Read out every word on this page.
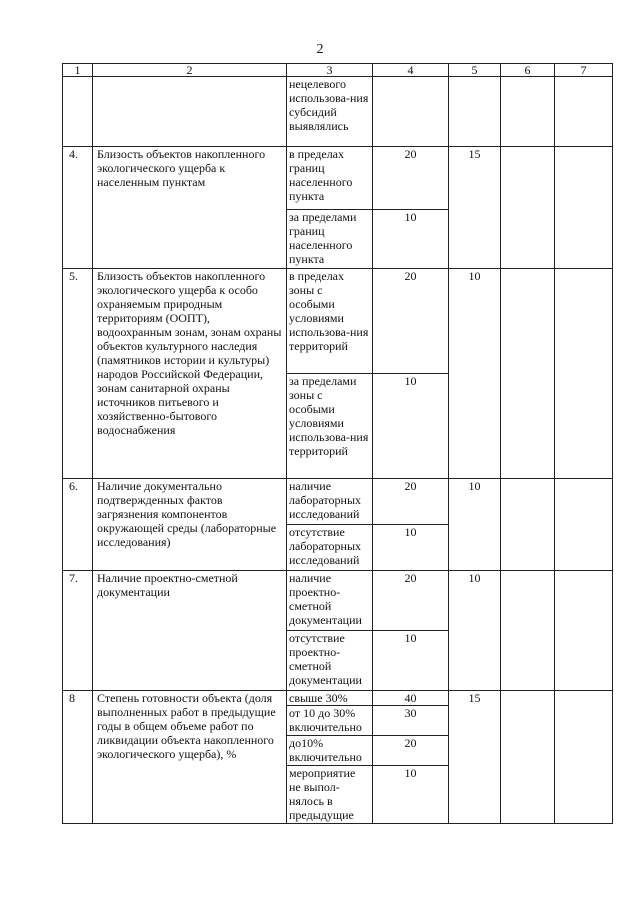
2
1	2	3	4	5	6	7
		нецелевого использова-ния субсидий выявлялись				
4.	Близость объектов накопленного экологического ущерба к населенным пунктам	в пределах границ населенного пункта	20	15		
		за пределами границ населенного пункта	10			
5.	Близость объектов накопленного экологического ущерба к особо охраняемым природным территориям (ООПТ), водоохранным зонам, зонам охраны объектов культурного наследия (памятников истории и культуры) народов Российской Федерации, зонам санитарной охраны источников питьевого и хозяйственно-бытового водоснабжения	в пределах зоны с особыми условиями использова-ния территорий	20	10		
		за пределами зоны с особыми условиями использова-ния территорий	10			
6.	Наличие документально подтвержденных фактов загрязнения компонентов окружающей среды (лабораторные исследования)	наличие лабораторных исследований	20	10		
		отсутствие лабораторных исследований	10			
7.	Наличие проектно-сметной документации	наличие проектно-сметной документации	20	10		
		отсутствие проектно-сметной документации	10			
8	Степень готовности объекта (доля выполненных работ в предыдущие годы в общем объеме работ по ликвидации объекта накопленного экологического ущерба), %	свыше 30%	40	15		
		от 10 до 30% включительно	30			
		до10% включительно	20			
		мероприятие не выпол-нялось в предыдущие	10			
